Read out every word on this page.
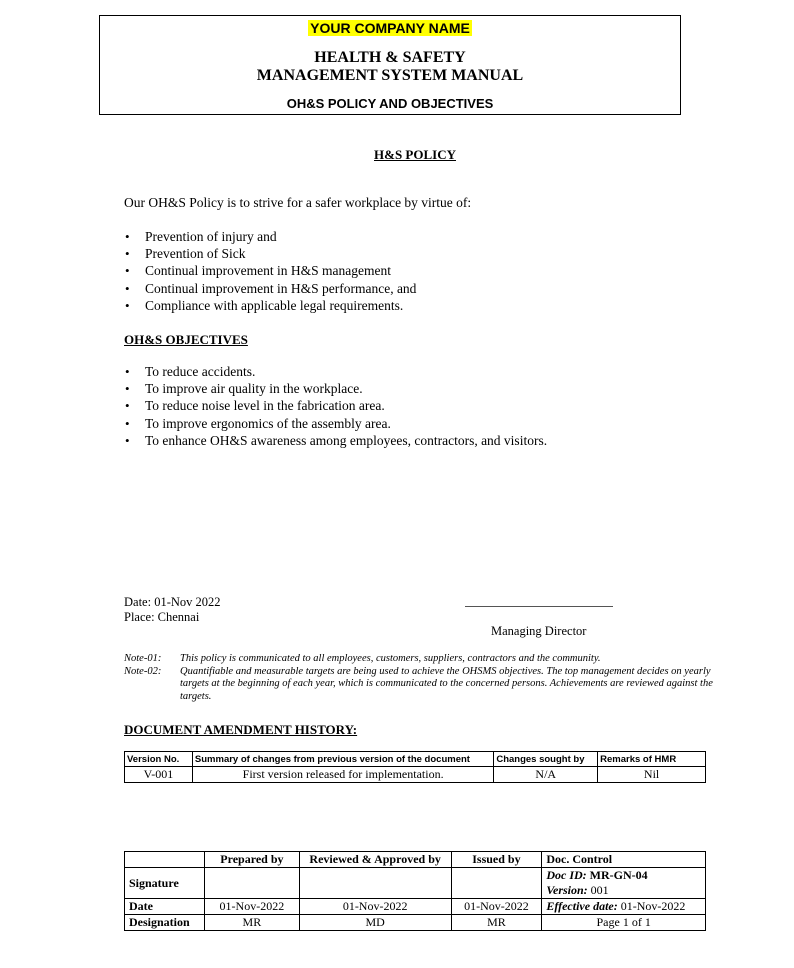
YOUR COMPANY NAME
HEALTH & SAFETY
MANAGEMENT SYSTEM MANUAL
OH&S POLICY AND OBJECTIVES
H&S POLICY
Our OH&S Policy is to strive for a safer workplace by virtue of:
• Prevention of injury and
• Prevention of Sick
• Continual improvement in H&S management
• Continual improvement in H&S performance, and
• Compliance with applicable legal requirements.
OH&S OBJECTIVES
• To reduce accidents.
• To improve air quality in the workplace.
• To reduce noise level in the fabrication area.
• To improve ergonomics of the assembly area.
• To enhance OH&S awareness among employees, contractors, and visitors.
Date: 01-Nov 2022
Place: Chennai
Managing Director
Note-01:	This policy is communicated to all employees, customers, suppliers, contractors and the community.
Note-02:	Quantifiable and measurable targets are being used to achieve the OHSMS objectives. The top management decides on yearly targets at the beginning of each year, which is communicated to the concerned persons. Achievements are reviewed against the targets.
DOCUMENT AMENDMENT HISTORY:
Version No.	Summary of changes from previous version of the document	Changes sought by	Remarks of HMR
V-001	First version released for implementation.	N/A	Nil
	Prepared by	Reviewed & Approved by	Issued by	Doc. Control
Signature				Doc ID: MR-GN-04
				Version: 001
Date	01-Nov-2022	01-Nov-2022	01-Nov-2022	Effective date: 01-Nov-2022
Designation	MR	MD	MR	Page 1 of 1
